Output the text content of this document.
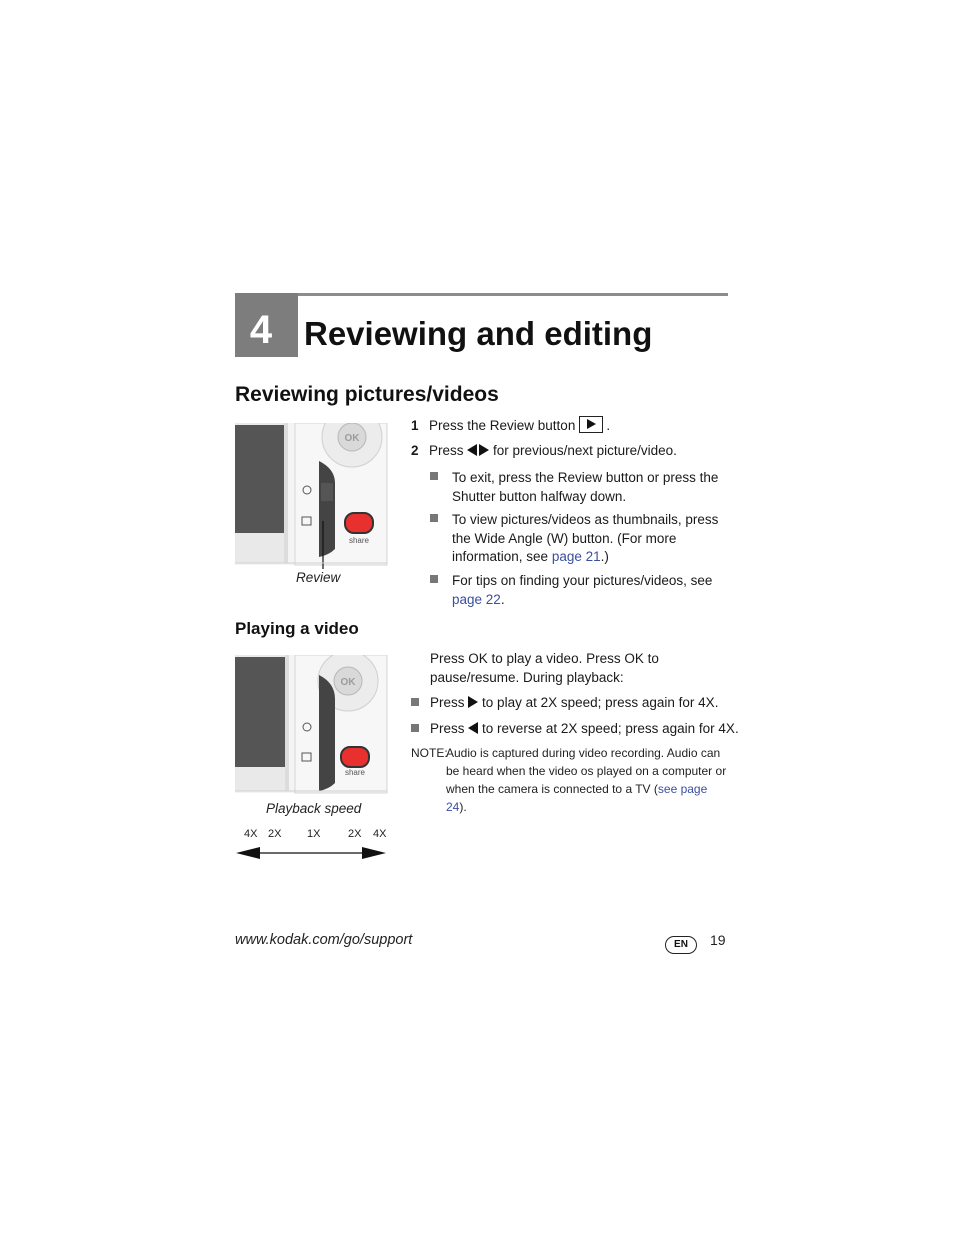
4 Reviewing and editing
Reviewing pictures/videos
OK
share
Review
1 Press the Review button .
2 Press for previous/next picture/video.
To exit, press the Review button or press the Shutter button halfway down.
To view pictures/videos as thumbnails, press the Wide Angle (W) button. (For more information, see page 21.)
For tips on finding your pictures/videos, see page 22.
Playing a video
OK
share
Playback speed
4X 2X 1X	2X 4X
Press OK to play a video. Press OK to pause/resume. During playback:
Press to play at 2X speed; press again for 4X.
Press to reverse at 2X speed; press again for 4X.
NOTE:
Audio is captured during video recording. Audio can be heard when the video os played on a computer or when the camera is connected to a TV (see page 24).
www.kodak.com/go/support	EN	19
